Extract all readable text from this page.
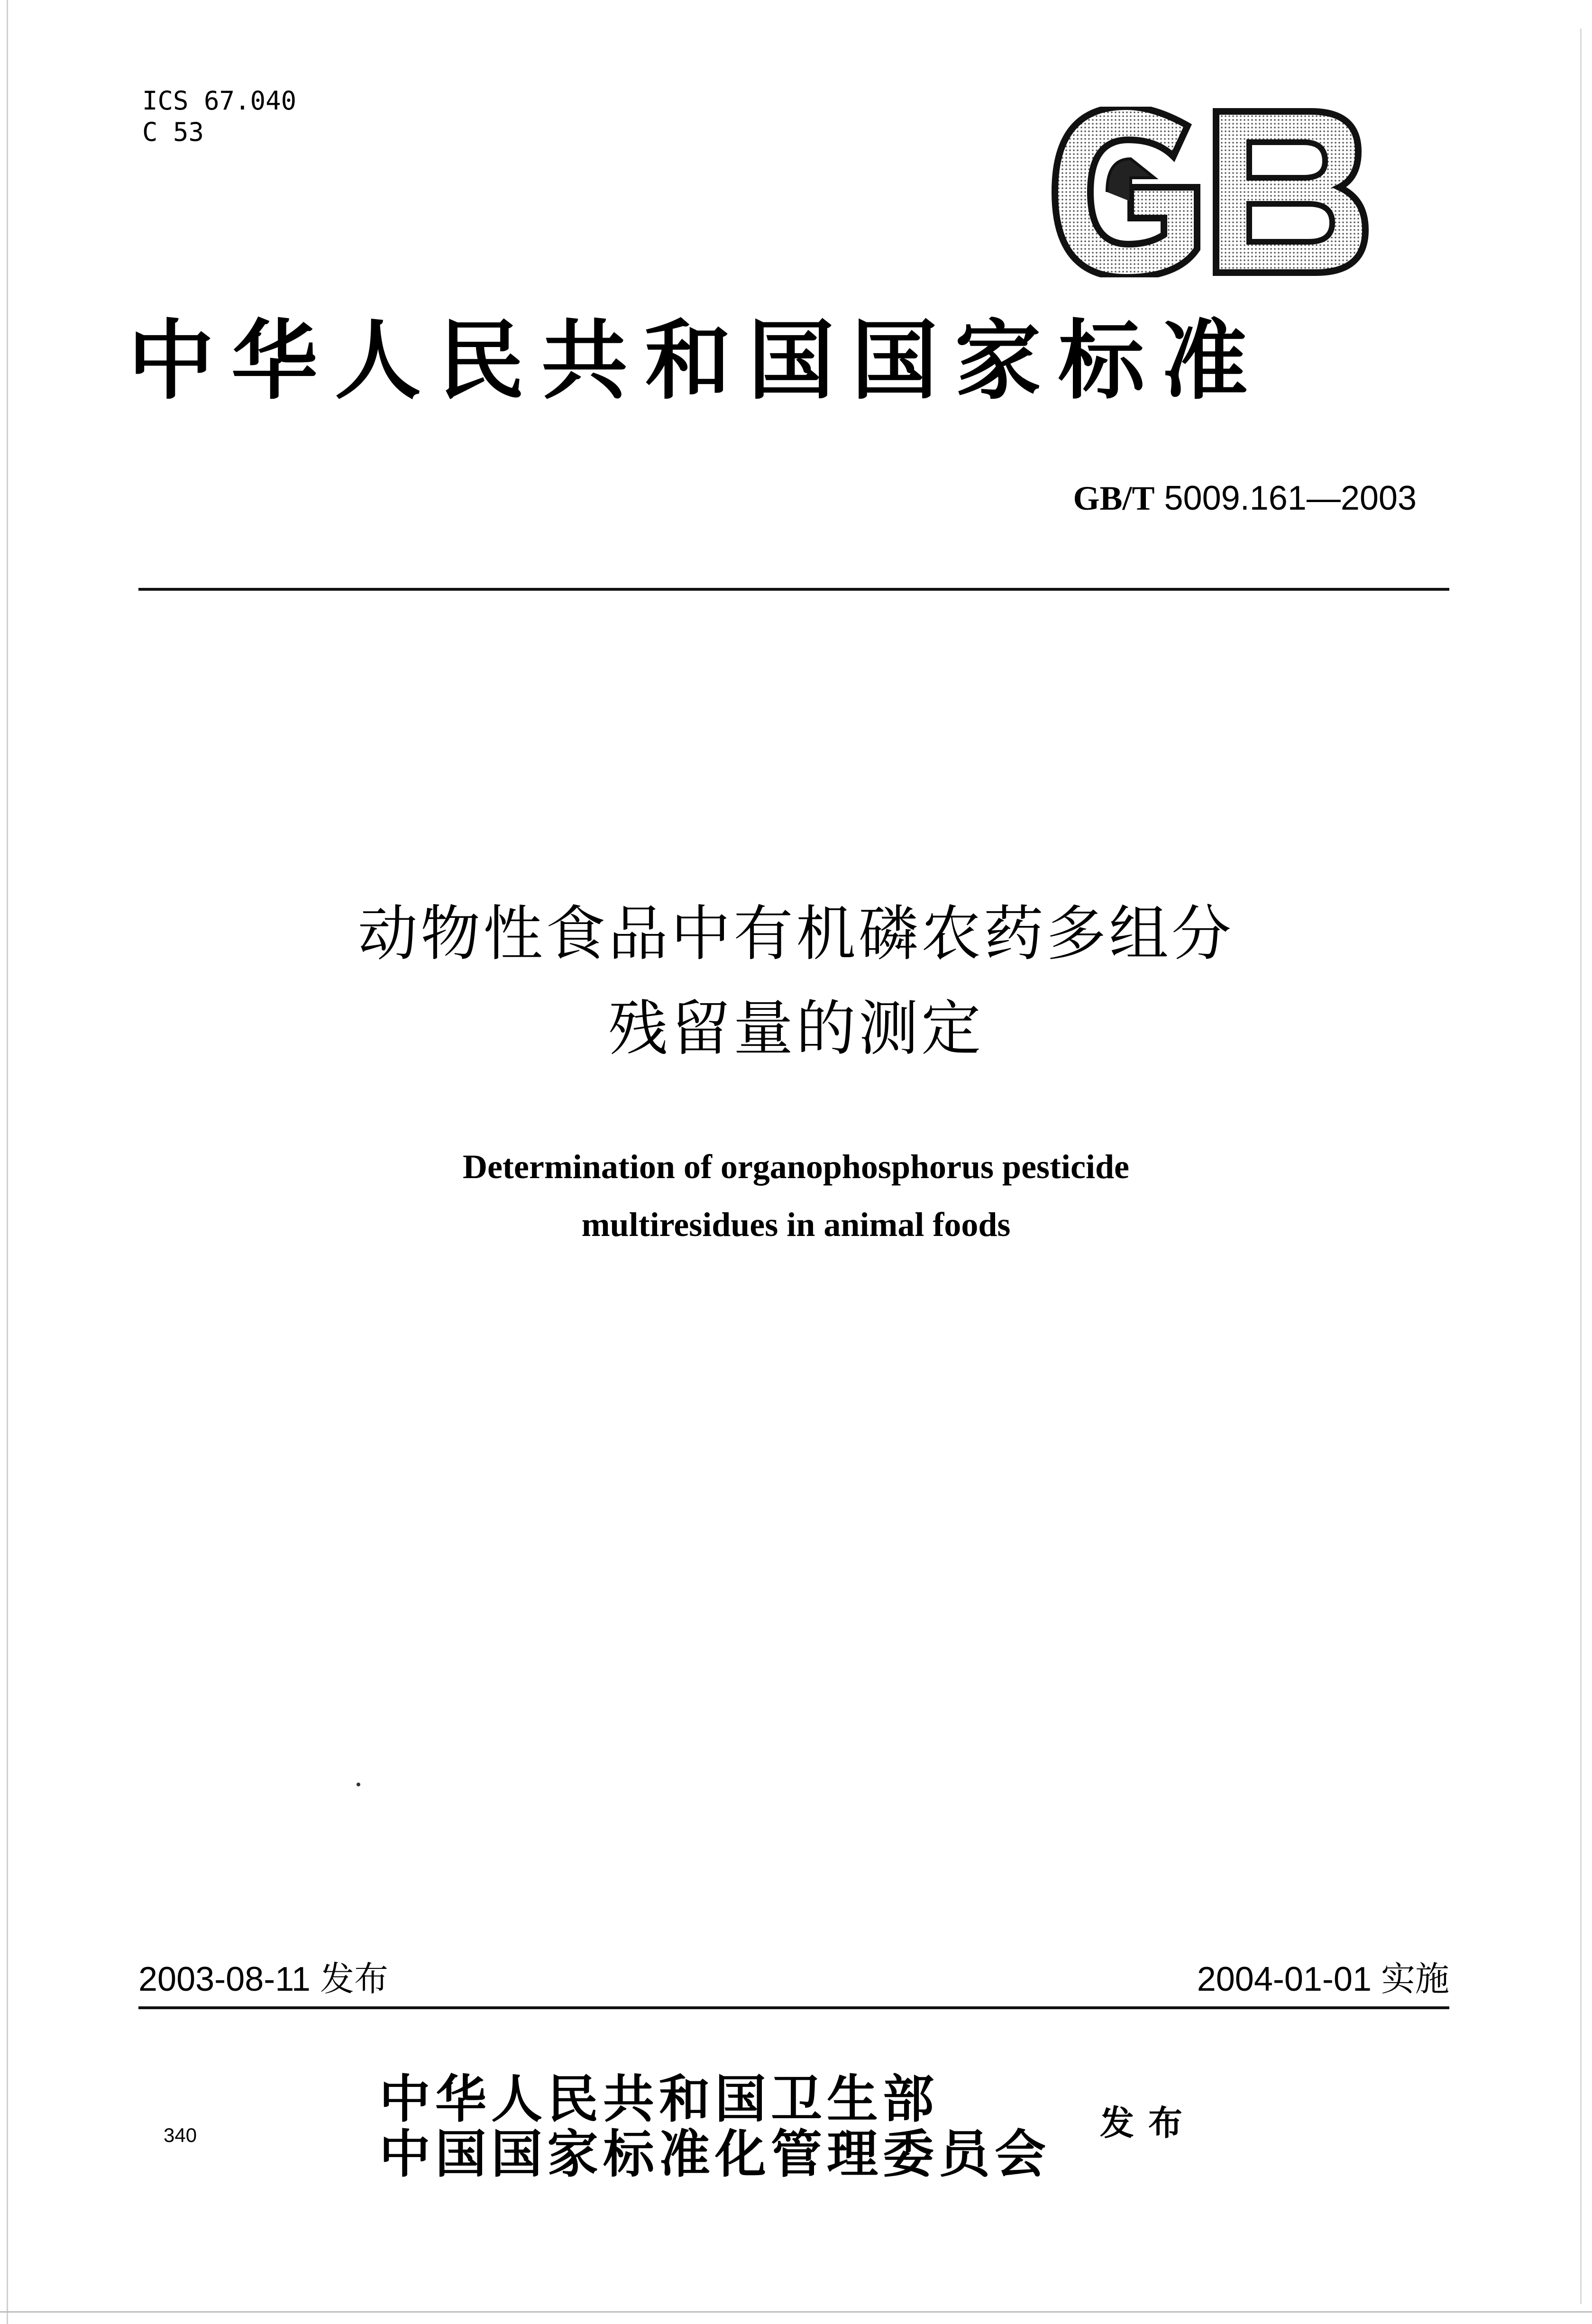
ICS 67.040
C 53
中华人民共和国国家标准
GB/T 5009.161—2003
动物性食品中有机磷农药多组分
残留量的测定
Determination of organophosphorus pesticide
multiresidues in animal foods
2003-08-11 发布	2004-01-01 实施
340
中华人民共和国卫生部
中国国家标准化管理委员会
发布
